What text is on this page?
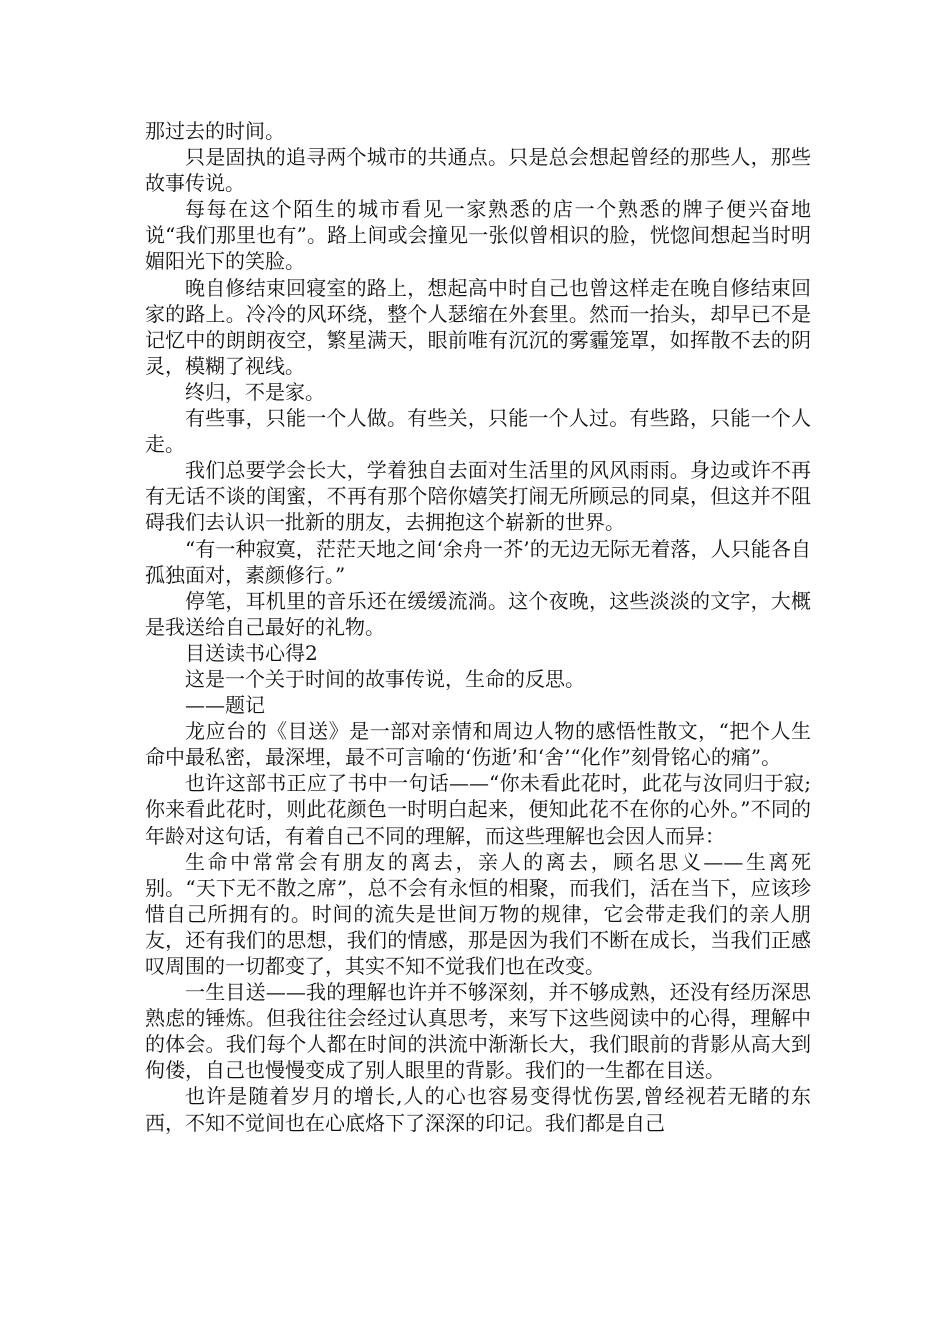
那过去的时间。

只是固执的追寻两个城市的共通点。只是总会想起曾经的那些人，那些故事传说。

每每在这个陌生的城市看见一家熟悉的店一个熟悉的牌子便兴奋地说“我们那里也有”。路上间或会撞见一张似曾相识的脸，恍惚间想起当时明媚阳光下的笑脸。

晚自修结束回寝室的路上，想起高中时自己也曾这样走在晚自修结束回家的路上。冷冷的风环绕，整个人瑟缩在外套里。然而一抬头，却早已不是记忆中的朗朗夜空，繁星满天，眼前唯有沉沉的雾霾笼罩，如挥散不去的阴灵，模糊了视线。

终归，不是家。

有些事，只能一个人做。有些关，只能一个人过。有些路，只能一个人走。

我们总要学会长大，学着独自去面对生活里的风风雨雨。身边或许不再有无话不谈的闺蜜，不再有那个陪你嬉笑打闹无所顾忌的同桌，但这并不阻碍我们去认识一批新的朋友，去拥抱这个崭新的世界。

“有一种寂寞，茫茫天地之间‘余舟一芥’的无边无际无着落，人只能各自孤独面对，素颜修行。”

停笔，耳机里的音乐还在缓缓流淌。这个夜晚，这些淡淡的文字，大概是我送给自己最好的礼物。

目送读书心得2

这是一个关于时间的故事传说，生命的反思。

——题记

龙应台的《目送》是一部对亲情和周边人物的感悟性散文，“把个人生命中最私密，最深埋，最不可言喻的‘伤逝’和‘舍’“化作”刻骨铭心的痛”。

也许这部书正应了书中一句话——“你未看此花时，此花与汝同归于寂;你来看此花时，则此花颜色一时明白起来，便知此花不在你的心外。”不同的年龄对这句话，有着自己不同的理解，而这些理解也会因人而异：

生命中常常会有朋友的离去，亲人的离去，顾名思义——生离死别。“天下无不散之席”，总不会有永恒的相聚，而我们，活在当下，应该珍惜自己所拥有的。时间的流失是世间万物的规律，它会带走我们的亲人朋友，还有我们的思想，我们的情感，那是因为我们不断在成长，当我们正感叹周围的一切都变了，其实不知不觉我们也在改变。

一生目送——我的理解也许并不够深刻，并不够成熟，还没有经历深思熟虑的锤炼。但我往往会经过认真思考，来写下这些阅读中的心得，理解中的体会。我们每个人都在时间的洪流中渐渐长大，我们眼前的背影从高大到佝偻，自己也慢慢变成了别人眼里的背影。我们的一生都在目送。

也许是随着岁月的增长,人的心也容易变得忧伤罢,曾经视若无睹的东西，不知不觉间也在心底烙下了深深的印记。我们都是自己
